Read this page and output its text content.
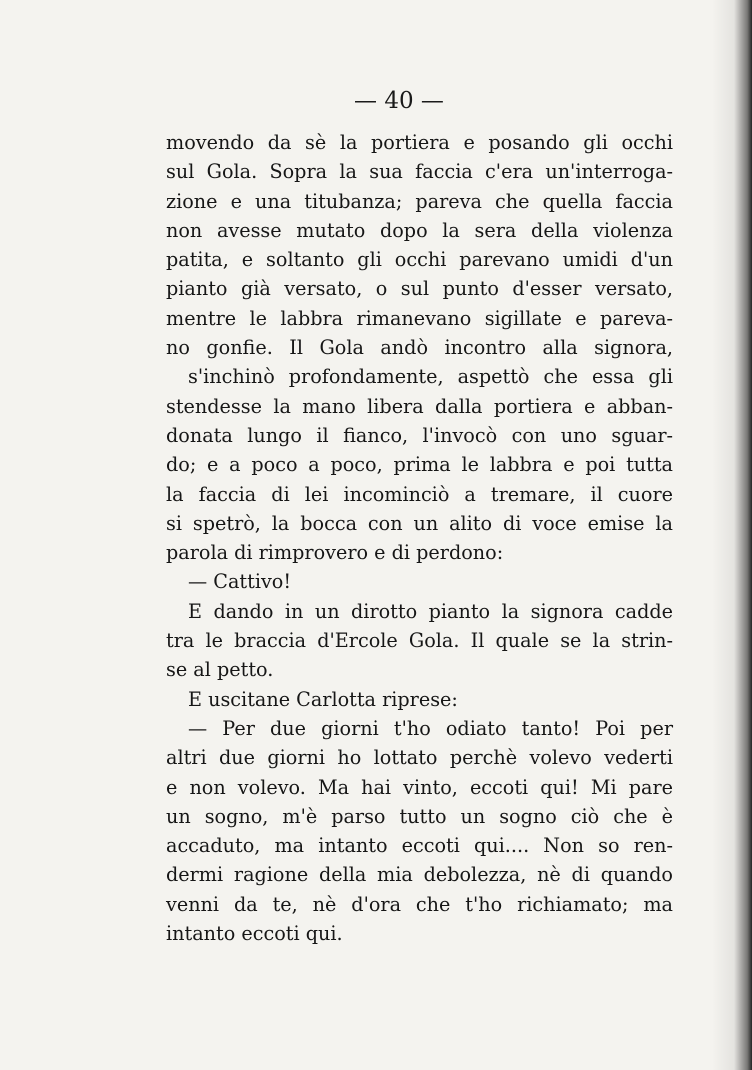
— 40 —
movendo da sè la portiera e posando gli occhi
sul Gola. Sopra la sua faccia c'era un'interroga-
zione e una titubanza; pareva che quella faccia
non avesse mutato dopo la sera della violenza
patita, e soltanto gli occhi parevano umidi d'un
pianto già versato, o sul punto d'esser versato,
mentre le labbra rimanevano sigillate e pareva-
no gonfie. Il Gola andò incontro alla signora,
s'inchinò profondamente, aspettò che essa gli
stendesse la mano libera dalla portiera e abban-
donata lungo il fianco, l'invocò con uno sguar-
do; e a poco a poco, prima le labbra e poi tutta
la faccia di lei incominciò a tremare, il cuore
si spetrò, la bocca con un alito di voce emise la
parola di rimprovero e di perdono:
— Cattivo!
E dando in un dirotto pianto la signora cadde
tra le braccia d'Ercole Gola. Il quale se la strin-
se al petto.
E uscitane Carlotta riprese:
— Per due giorni t'ho odiato tanto! Poi per
altri due giorni ho lottato perchè volevo vederti
e non volevo. Ma hai vinto, eccoti qui! Mi pare
un sogno, m'è parso tutto un sogno ciò che è
accaduto, ma intanto eccoti qui.... Non so ren-
dermi ragione della mia debolezza, nè di quando
venni da te, nè d'ora che t'ho richiamato; ma
intanto eccoti qui.
